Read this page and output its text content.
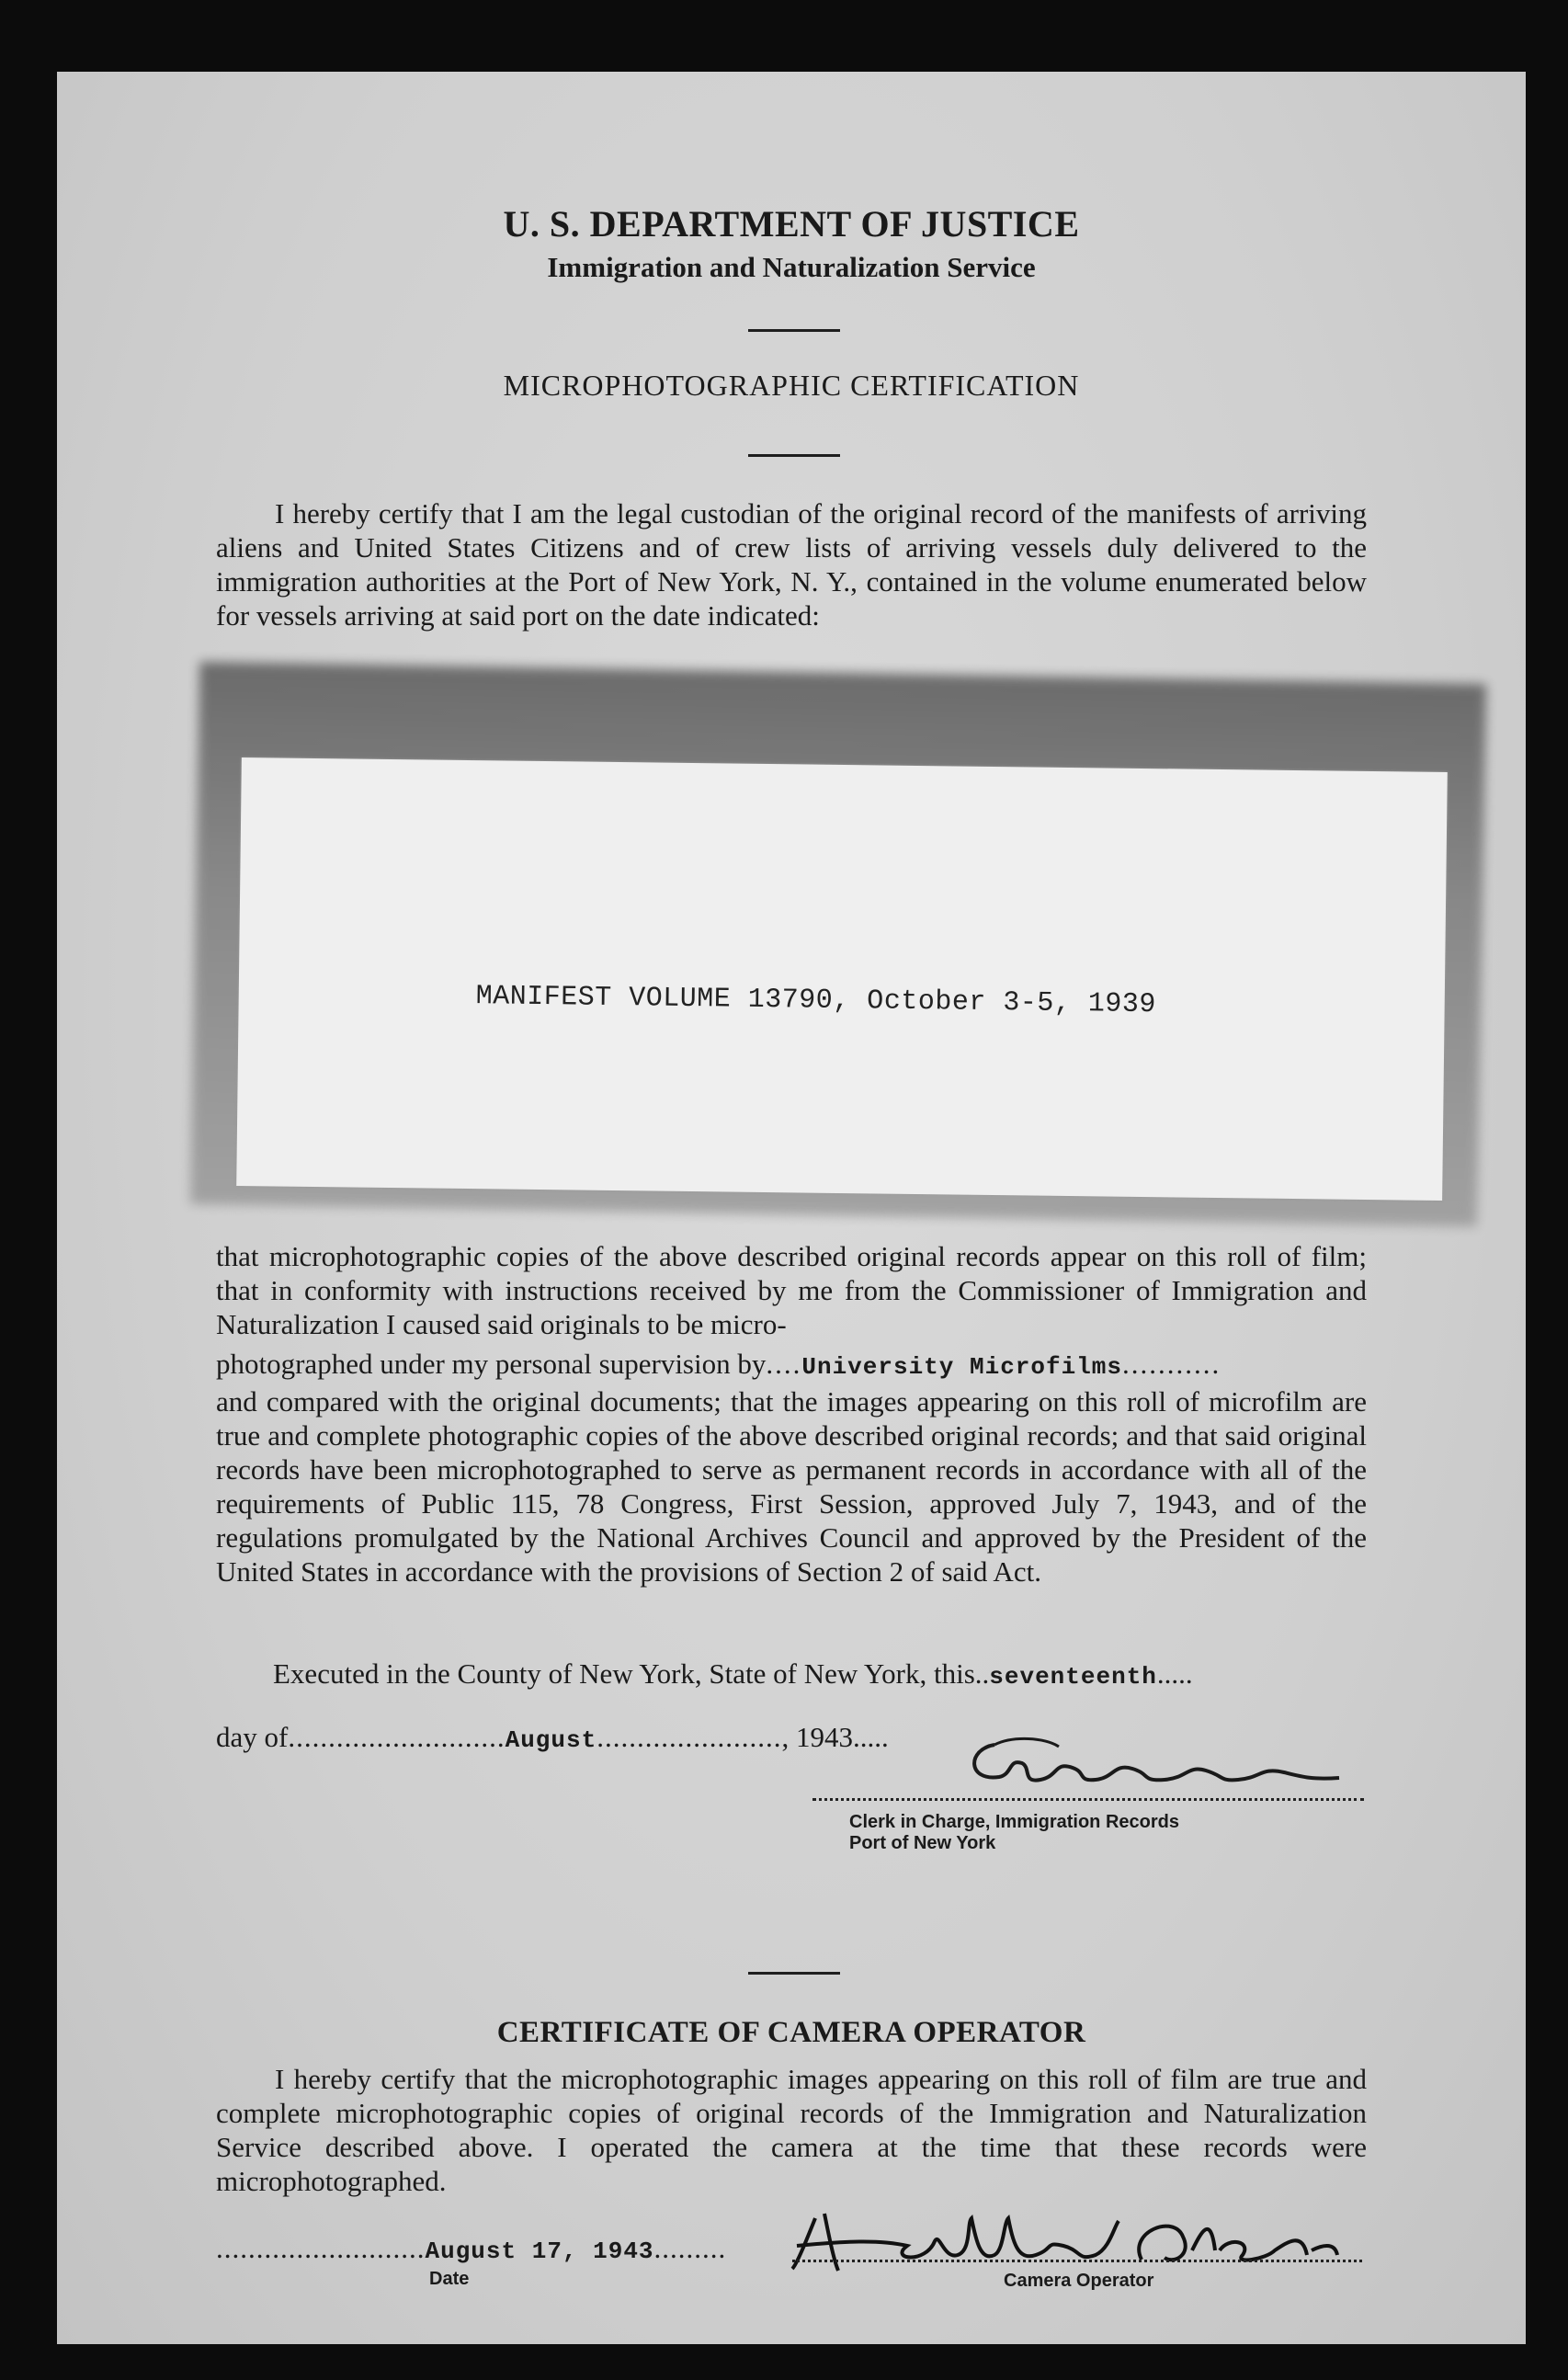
U. S. DEPARTMENT OF JUSTICE
Immigration and Naturalization Service
MICROPHOTOGRAPHIC CERTIFICATION

I hereby certify that I am the legal custodian of the original record of the manifests of arriving aliens and United States Citizens and of crew lists of arriving vessels duly delivered to the immigration authorities at the Port of New York, N. Y., contained in the volume enumerated below for vessels arriving at said port on the date indicated:

MANIFEST VOLUME 13790, October 3-5, 1939
that microphotographic copies of the above described original records appear on this roll of film; that in conformity with instructions received by me from the Commissioner of Immigration and Naturalization I caused said originals to be micro-
photographed under my personal supervision by....University Microfilms...........
and compared with the original documents; that the images appearing on this roll of microfilm are true and complete photographic copies of the above described original records; and that said original records have been microphotographed to serve as permanent records in accordance with all of the requirements of Public 115, 78 Congress, First Session, approved July 7, 1943, and of the regulations promulgated by the National Archives Council and approved by the President of the United States in accordance with the provisions of Section 2 of said Act.
Executed in the County of New York, State of New York, this..seventeenth.....
day of...........................August......................., 1943.....
Clerk in Charge, Immigration Records
Port of New York
CERTIFICATE OF CAMERA OPERATOR

I hereby certify that the microphotographic images appearing on this roll of film are true and complete microphotographic copies of original records of the Immigration and Naturalization Service described above. I operated the camera at the time that these records were microphotographed.

..........................August 17, 1943.........
Date	Camera Operator
